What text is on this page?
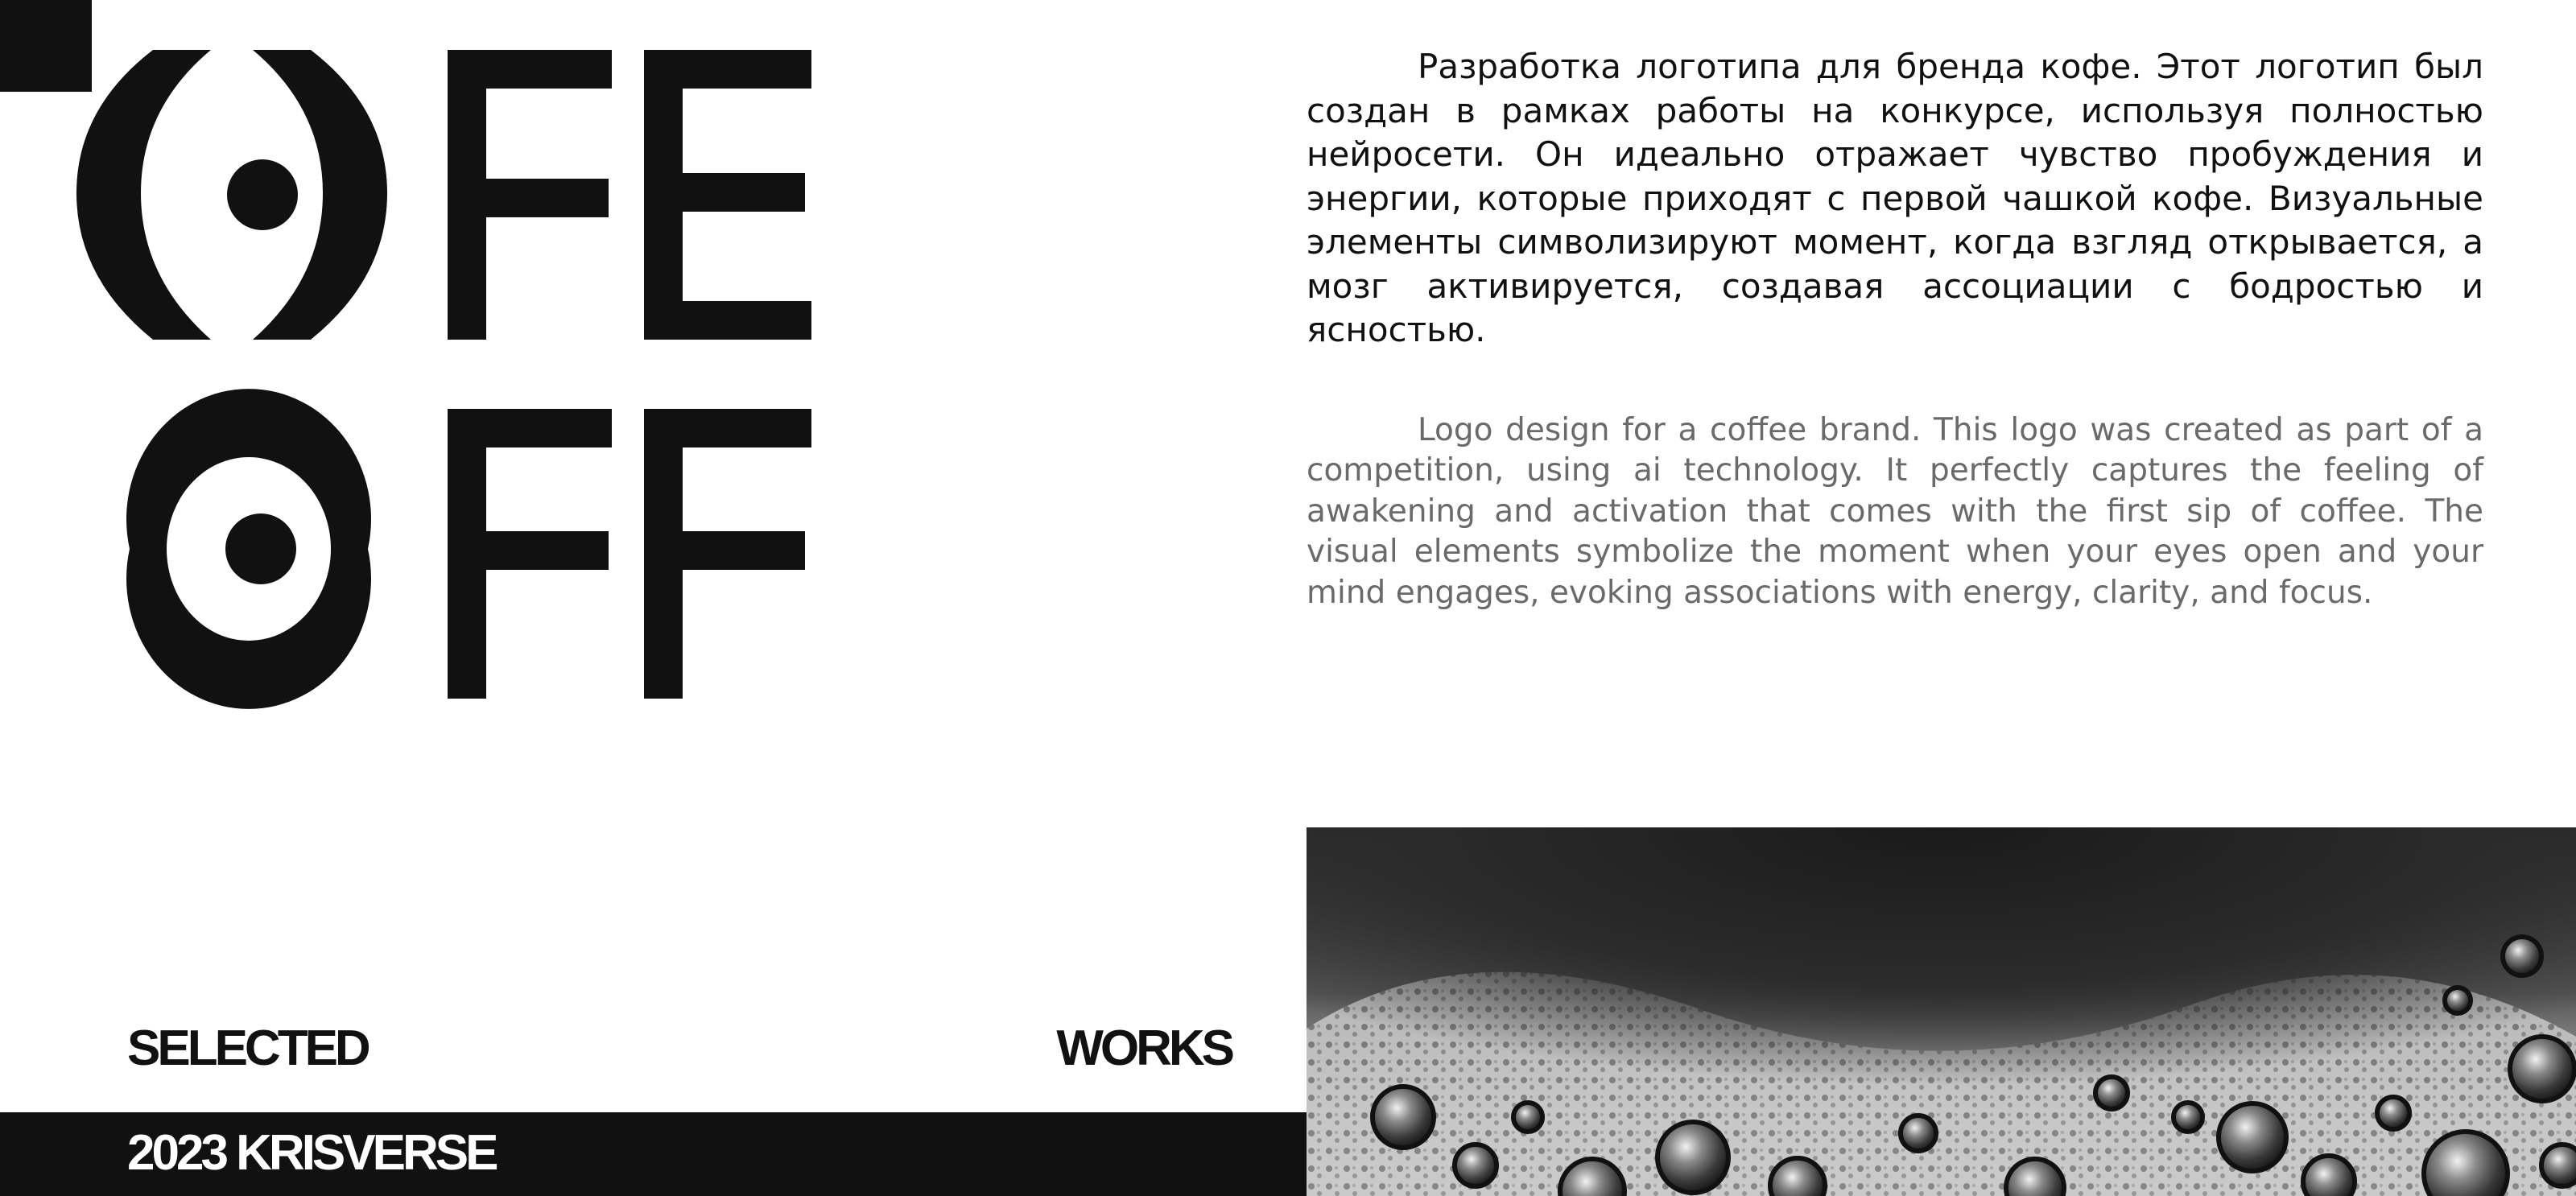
Разработка логотипа для бренда кофе. Этот логотип был создан в рамках работы на конкурсе, используя полностью нейросети. Он идеально отражает чувство пробуждения и энергии, которые приходят с первой чашкой кофе. Визуальные элементы символизируют момент, когда взгляд открывается, а мозг активируется, создавая ассоциации с бодростью и ясностью.

Logo design for a coffee brand. This logo was created as part of a competition, using ai technology. It perfectly captures the feeling of awakening and activation that comes with the first sip of coffee. The visual elements symbolize the moment when your eyes open and your mind engages, evoking associations with energy, clarity, and focus.

SELECTED	WORKS
2023 KRISVERSE
